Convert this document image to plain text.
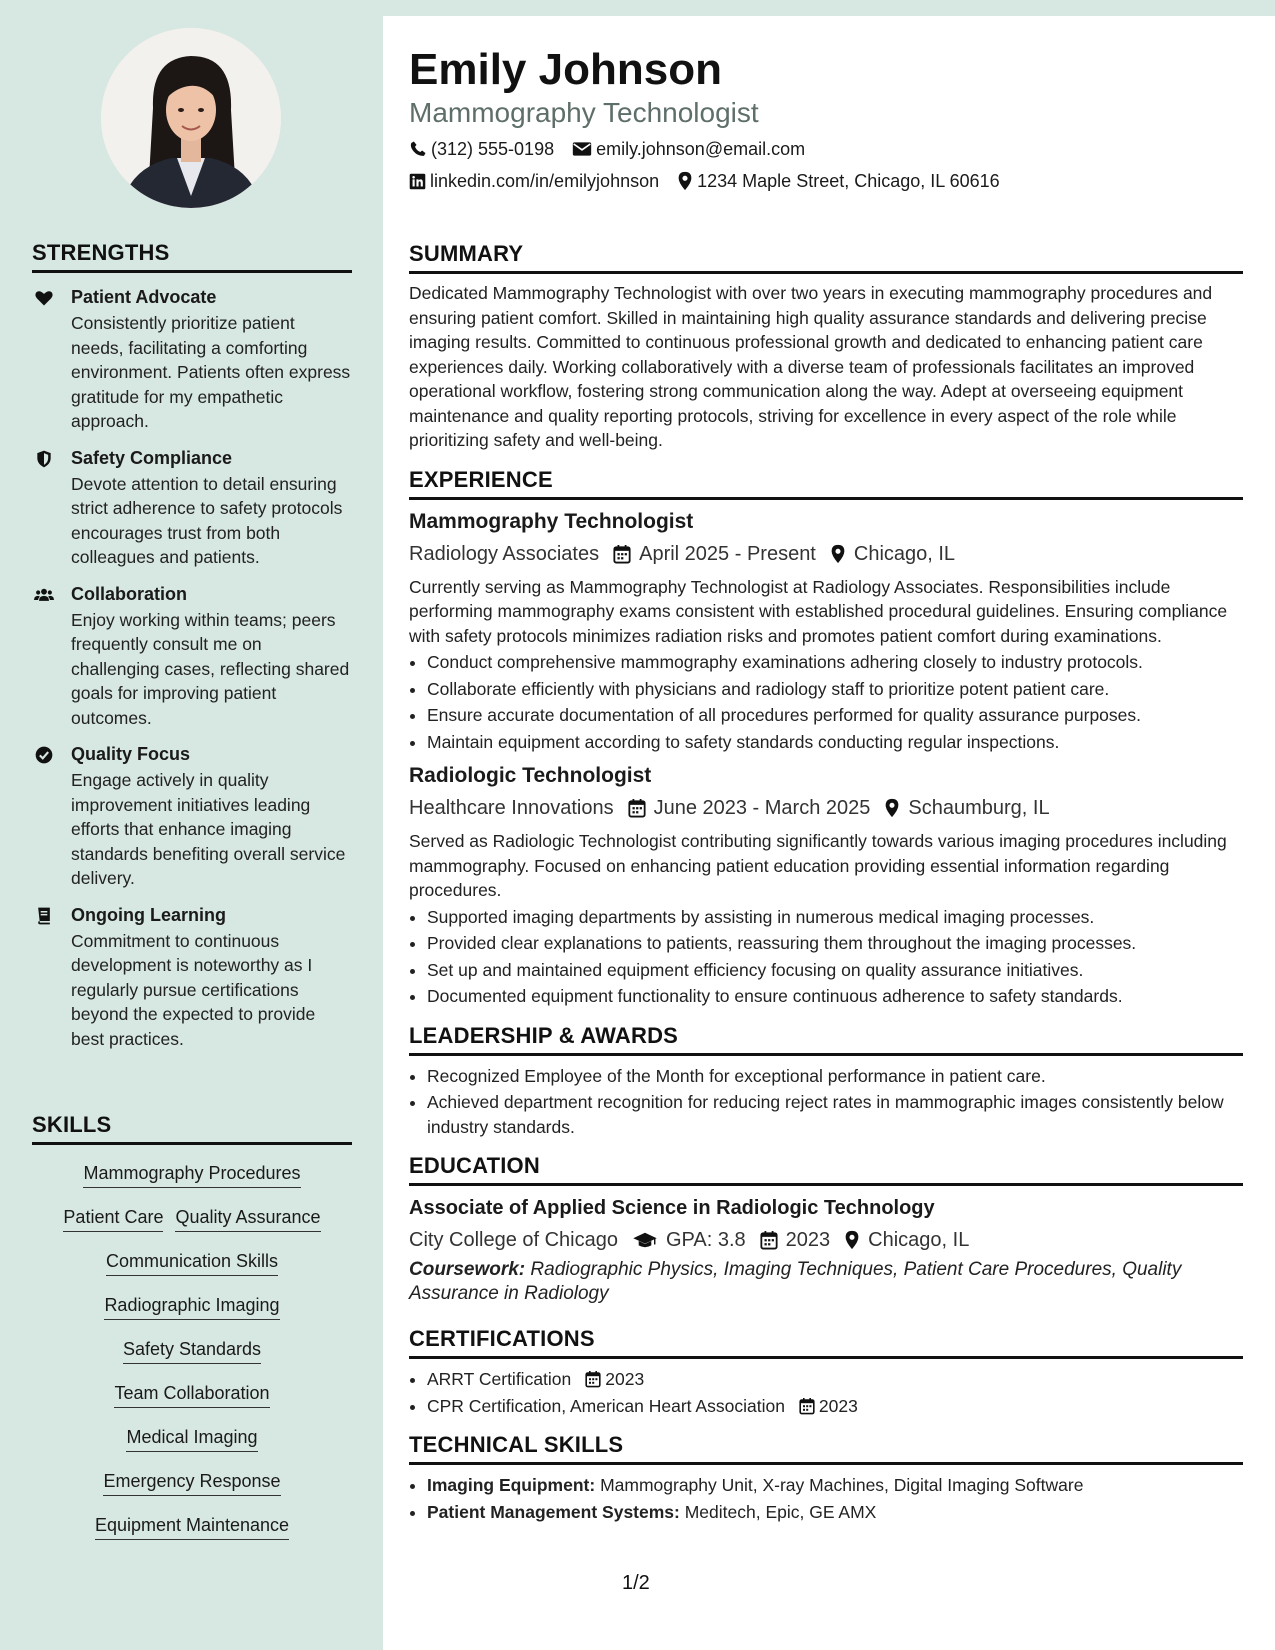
STRENGTHS
Patient Advocate
Consistently prioritize patient needs, facilitating a comforting environment. Patients often express gratitude for my empathetic approach.
Safety Compliance
Devote attention to detail ensuring strict adherence to safety protocols encourages trust from both colleagues and patients.
Collaboration
Enjoy working within teams; peers frequently consult me on challenging cases, reflecting shared goals for improving patient outcomes.
Quality Focus
Engage actively in quality improvement initiatives leading efforts that enhance imaging standards benefiting overall service delivery.
Ongoing Learning
Commitment to continuous development is noteworthy as I regularly pursue certifications beyond the expected to provide best practices.
SKILLS
Mammography Procedures
Patient Care Quality Assurance
Communication Skills
Radiographic Imaging
Safety Standards
Team Collaboration
Medical Imaging
Emergency Response
Equipment Maintenance
Emily Johnson
Mammography Technologist
(312) 555-0198 emily.johnson@email.com
linkedin.com/in/emilyjohnson 1234 Maple Street, Chicago, IL 60616
SUMMARY
Dedicated Mammography Technologist with over two years in executing mammography procedures and ensuring patient comfort. Skilled in maintaining high quality assurance standards and delivering precise imaging results. Committed to continuous professional growth and dedicated to enhancing patient care experiences daily. Working collaboratively with a diverse team of professionals facilitates an improved operational workflow, fostering strong communication along the way. Adept at overseeing equipment maintenance and quality reporting protocols, striving for excellence in every aspect of the role while prioritizing safety and well-being.
EXPERIENCE
Mammography Technologist
Radiology Associates April 2025 - Present Chicago, IL
Currently serving as Mammography Technologist at Radiology Associates. Responsibilities include performing mammography exams consistent with established procedural guidelines. Ensuring compliance with safety protocols minimizes radiation risks and promotes patient comfort during examinations.
• Conduct comprehensive mammography examinations adhering closely to industry protocols.
• Collaborate efficiently with physicians and radiology staff to prioritize potent patient care.
• Ensure accurate documentation of all procedures performed for quality assurance purposes.
• Maintain equipment according to safety standards conducting regular inspections.
Radiologic Technologist
Healthcare Innovations June 2023 - March 2025 Schaumburg, IL
Served as Radiologic Technologist contributing significantly towards various imaging procedures including mammography. Focused on enhancing patient education providing essential information regarding procedures.
• Supported imaging departments by assisting in numerous medical imaging processes.
• Provided clear explanations to patients, reassuring them throughout the imaging processes.
• Set up and maintained equipment efficiency focusing on quality assurance initiatives.
• Documented equipment functionality to ensure continuous adherence to safety standards.
LEADERSHIP & AWARDS
• Recognized Employee of the Month for exceptional performance in patient care.
• Achieved department recognition for reducing reject rates in mammographic images consistently below industry standards.
EDUCATION
Associate of Applied Science in Radiologic Technology
City College of Chicago GPA: 3.8 2023 Chicago, IL
Coursework: Radiographic Physics, Imaging Techniques, Patient Care Procedures, Quality Assurance in Radiology
CERTIFICATIONS
• ARRT Certification 2023
• CPR Certification, American Heart Association 2023
TECHNICAL SKILLS
• Imaging Equipment: Mammography Unit, X-ray Machines, Digital Imaging Software
• Patient Management Systems: Meditech, Epic, GE AMX
1/2
